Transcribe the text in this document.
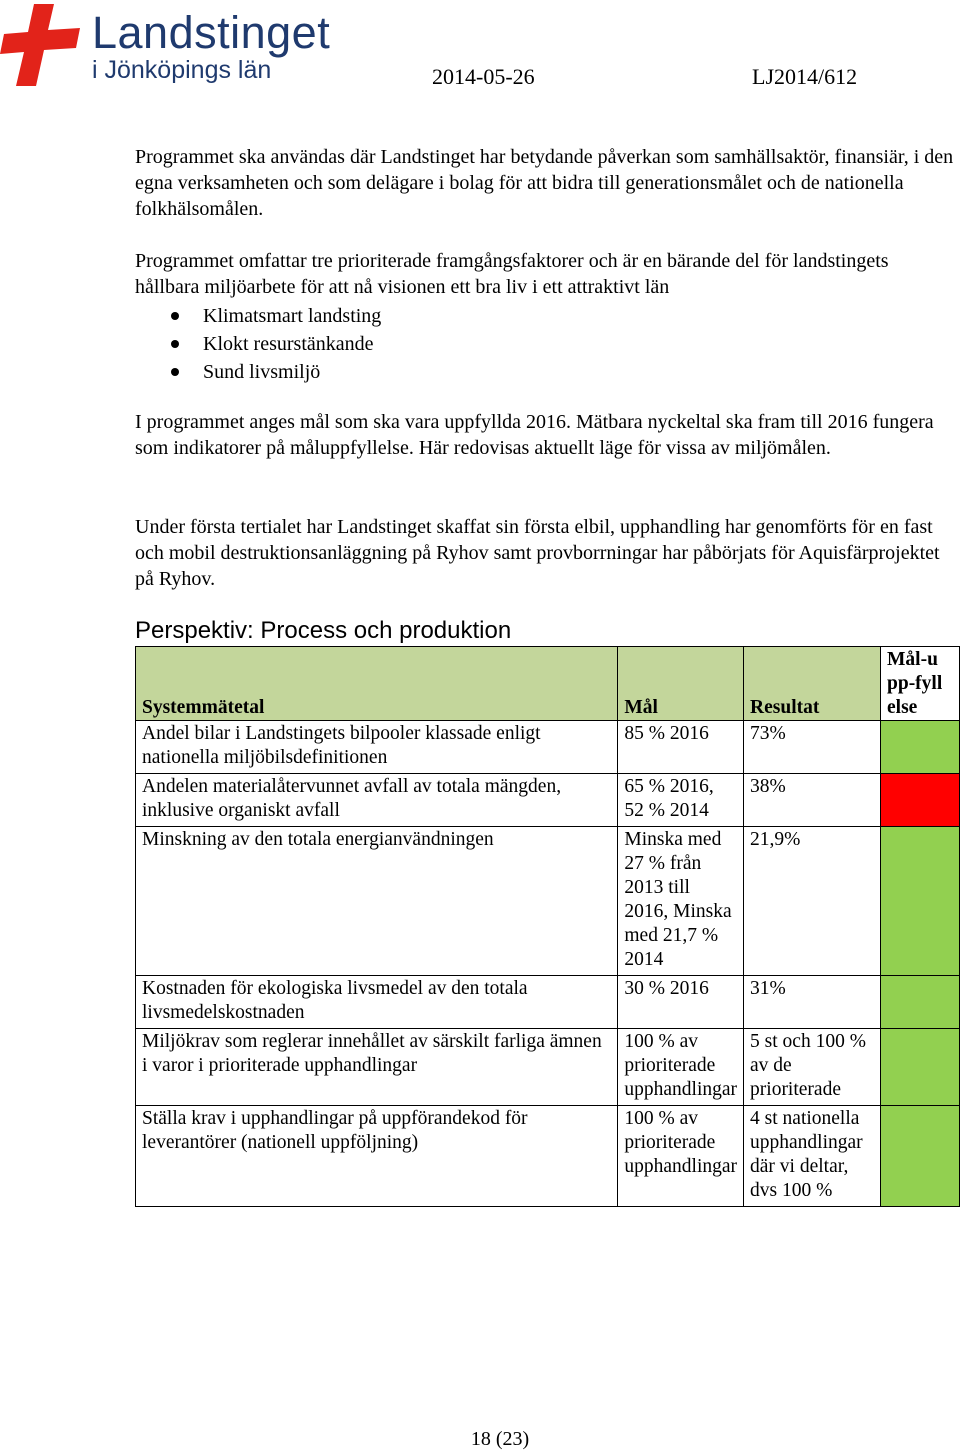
Landstinget
i Jönköpings län	2014-05-26	LJ2014/612

Programmet ska användas där Landstinget har betydande påverkan som samhällsaktör, finansiär, i den egna verksamheten och som delägare i bolag för att bidra till generationsmålet och de nationella folkhälsomålen.

Programmet omfattar tre prioriterade framgångsfaktorer och är en bärande del för landstingets hållbara miljöarbete för att nå visionen ett bra liv i ett attraktivt län

Klimatsmart landsting
Klokt resurstänkande
Sund livsmiljö

I programmet anges mål som ska vara uppfyllda 2016. Mätbara nyckeltal ska fram till 2016 fungera som indikatorer på måluppfyllelse. Här redovisas aktuellt läge för vissa av miljömålen.

Under första tertialet har Landstinget skaffat sin första elbil, upphandling har genomförts för en fast och mobil destruktionsanläggning på Ryhov samt provborrningar har påbörjats för Aquisfärprojektet på Ryhov.

Perspektiv: Process och produktion
Systemmätetal	Mål	Resultat	Mål-upp-fyllelse

Andel bilar i Landstingets bilpooler klassade enligt nationella miljöbilsdefinitionen	85 % 2016	73%	
Andelen materialåtervunnet avfall av totala mängden, inklusive organiskt avfall	65 % 2016, 52 % 2014	38%	
Minskning av den totala energianvändningen	Minska med 27 % från 2013 till 2016, Minska med 21,7 % 2014	21,9%	
Kostnaden för ekologiska livsmedel av den totala livsmedelskostnaden	30 % 2016	31%	
Miljökrav som reglerar innehållet av särskilt farliga ämnen i varor i prioriterade upphandlingar	100 % av prioriterade upphandlingar	5 st och 100 % av de prioriterade	
Ställa krav i upphandlingar på uppförandekod för leverantörer (nationell uppföljning)	100 % av prioriterade upphandlingar	4 st nationella upphandlingar där vi deltar, dvs 100 %	
18 (23)
